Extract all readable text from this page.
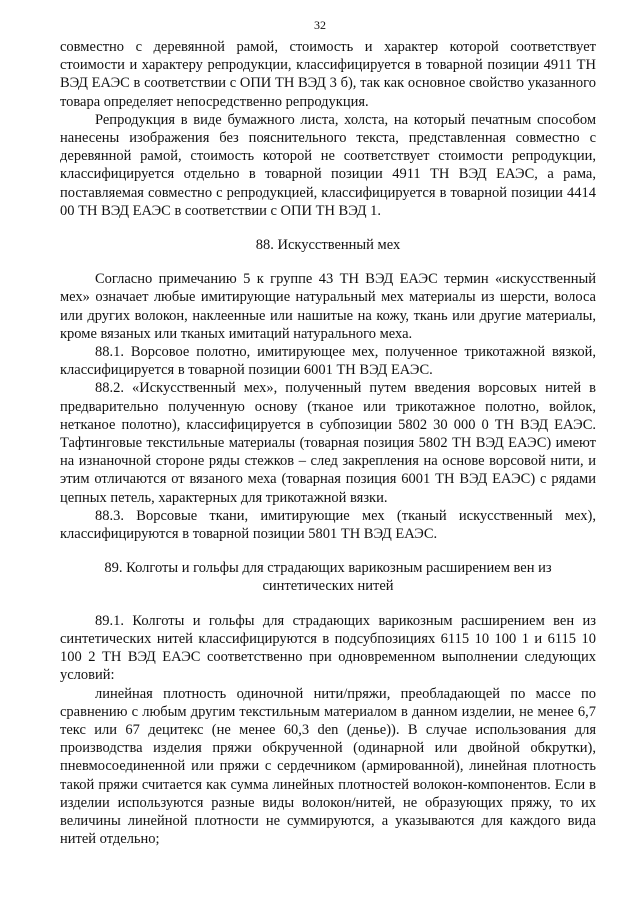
32

совместно с деревянной рамой, стоимость и характер которой соответствует стоимости и характеру репродукции, классифицируется в товарной позиции 4911 ТН ВЭД ЕАЭС в соответствии с ОПИ ТН ВЭД 3 б), так как основное свойство указанного товара определяет непосредственно репродукция.

Репродукция в виде бумажного листа, холста, на который печатным способом нанесены изображения без пояснительного текста, представленная совместно с деревянной рамой, стоимость которой не соответствует стоимости репродукции, классифицируется отдельно в товарной позиции 4911 ТН ВЭД ЕАЭС, а рама, поставляемая совместно с репродукцией, классифицируется в товарной позиции 4414 00 ТН ВЭД ЕАЭС в соответствии с ОПИ ТН ВЭД 1.

88. Искусственный мех

Согласно примечанию 5 к группе 43 ТН ВЭД ЕАЭС термин «искусственный мех» означает любые имитирующие натуральный мех материалы из шерсти, волоса или других волокон, наклеенные или нашитые на кожу, ткань или другие материалы, кроме вязаных или тканых имитаций натурального меха.

88.1. Ворсовое полотно, имитирующее мех, полученное трикотажной вязкой, классифицируется в товарной позиции 6001 ТН ВЭД ЕАЭС.

88.2. «Искусственный мех», полученный путем введения ворсовых нитей в предварительно полученную основу (тканое или трикотажное полотно, войлок, нетканое полотно), классифицируется в субпозиции 5802 30 000 0 ТН ВЭД ЕАЭС. Тафтинговые текстильные материалы (товарная позиция 5802 ТН ВЭД ЕАЭС) имеют на изнаночной стороне ряды стежков – след закрепления на основе ворсовой нити, и этим отличаются от вязаного меха (товарная позиция 6001 ТН ВЭД ЕАЭС) с рядами цепных петель, характерных для трикотажной вязки.

88.3. Ворсовые ткани, имитирующие мех (тканый искусственный мех), классифицируются в товарной позиции 5801 ТН ВЭД ЕАЭС.

89. Колготы и гольфы для страдающих варикозным расширением вен из синтетических нитей

89.1. Колготы и гольфы для страдающих варикозным расширением вен из синтетических нитей классифицируются в подсубпозициях 6115 10 100 1 и 6115 10 100 2 ТН ВЭД ЕАЭС соответственно при одновременном выполнении следующих условий:

линейная плотность одиночной нити/пряжи, преобладающей по массе по сравнению с любым другим текстильным материалом в данном изделии, не менее 6,7 текс или 67 децитекс (не менее 60,3 den (денье)). В случае использования для производства изделия пряжи обкрученной (одинарной или двойной обкрутки), пневмосоединенной или пряжи с сердечником (армированной), линейная плотность такой пряжи считается как сумма линейных плотностей волокон-компонентов. Если в изделии используются разные виды волокон/нитей, не образующих пряжу, то их величины линейной плотности не суммируются, а указываются для каждого вида нитей отдельно;
